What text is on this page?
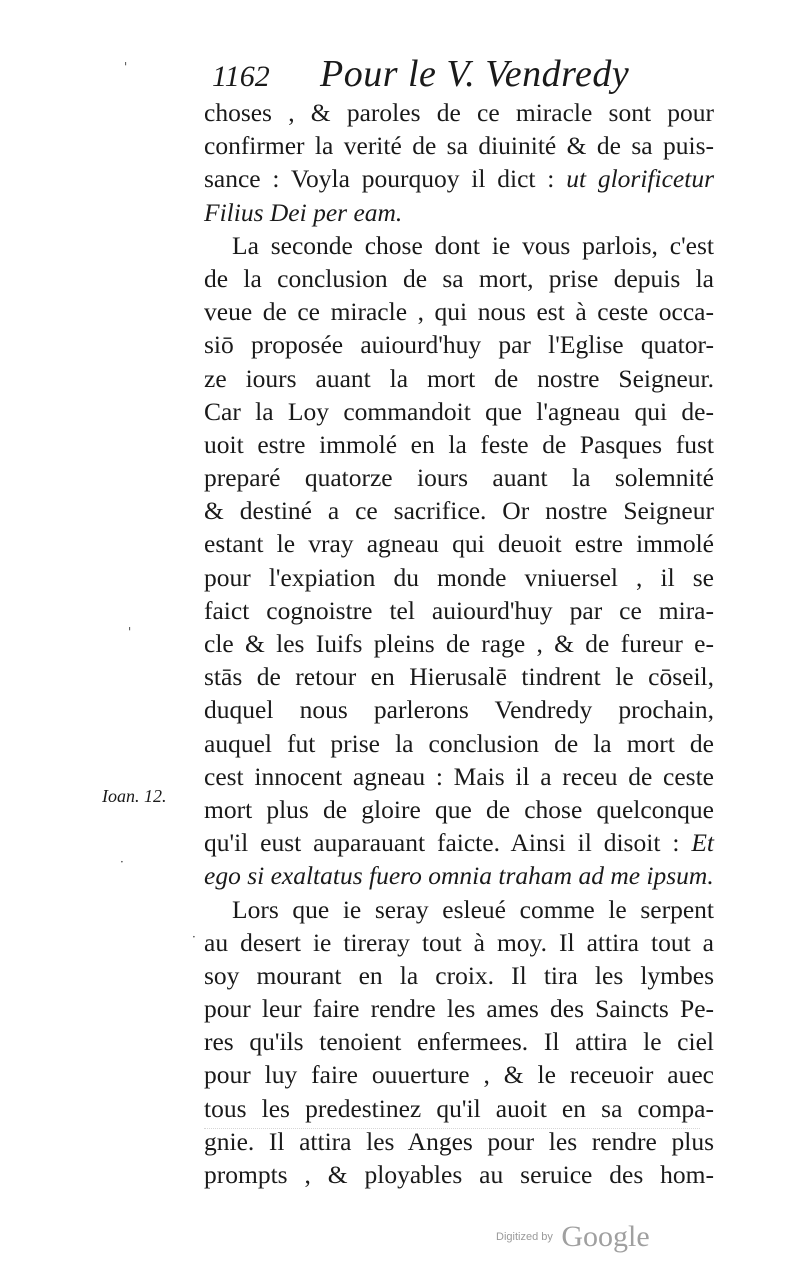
1162 Pour le V. Vendredy
Ioan. 12.
choses , & paroles de ce miracle sont pour
confirmer la verité de sa diuinité & de sa puis-
sance : Voyla pourquoy il dict : ut glorificetur
Filius Dei per eam.
La seconde chose dont ie vous parlois, c'est
de la conclusion de sa mort, prise depuis la
veue de ce miracle , qui nous est à ceste occa-
siō proposée auiourd'huy par l'Eglise quator-
ze iours auant la mort de nostre Seigneur.
Car la Loy commandoit que l'agneau qui de-
uoit estre immolé en la feste de Pasques fust
preparé quatorze iours auant la solemnité
& destiné a ce sacrifice. Or nostre Seigneur
estant le vray agneau qui deuoit estre immolé
pour l'expiation du monde vniuersel , il se
faict cognoistre tel auiourd'huy par ce mira-
cle & les Iuifs pleins de rage , & de fureur e-
stās de retour en Hierusalē tindrent le cōseil,
duquel nous parlerons Vendredy prochain,
auquel fut prise la conclusion de la mort de
cest innocent agneau : Mais il a receu de ceste
mort plus de gloire que de chose quelconque
qu'il eust auparauant faicte. Ainsi il disoit : Et
ego si exaltatus fuero omnia traham ad me ipsum.
Lors que ie seray esleué comme le serpent
au desert ie tireray tout à moy. Il attira tout a
soy mourant en la croix. Il tira les lymbes
pour leur faire rendre les ames des Saincts Pe-
res qu'ils tenoient enfermees. Il attira le ciel
pour luy faire ouuerture , & le receuoir auec
tous les predestinez qu'il auoit en sa compa-
gnie. Il attira les Anges pour les rendre plus
prompts , & ployables au seruice des hom-
'
'
·
·
Digitized by Google
